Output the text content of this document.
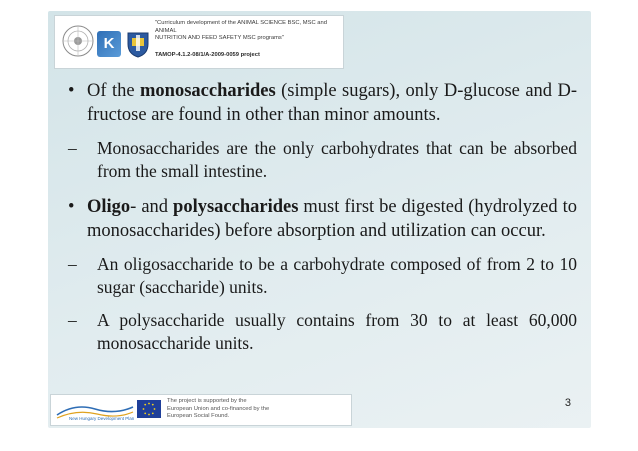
K
"Curriculum development of the ANIMAL SCIENCE BSC, MSC and ANIMAL
NUTRITION AND FEED SAFETY MSC programs"
TAMOP-4.1.2-08/1/A-2009-0059 project
• Of the monosaccharides (simple sugars), only D-glucose and D-fructose are found in other than minor amounts.
– Monosaccharides are the only carbohydrates that can be absorbed from the small intestine.
• Oligo- and polysaccharides must first be digested (hydrolyzed to monosaccharides) before absorption and utilization can occur.
– An oligosaccharide to be a carbohydrate composed of from 2 to 10 sugar (saccharide) units.
– A polysaccharide usually contains from 30 to at least 60,000 monosaccharide units.
New Hungary Development Plan
The project is supported by the
European Union and co-financed by the
European Social Found.
3
